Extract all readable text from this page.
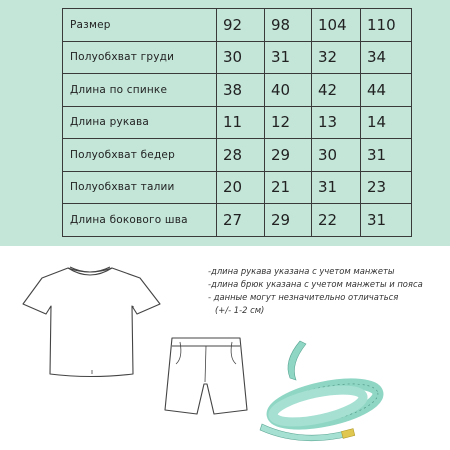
Размер	92	98	104	110
Полуобхват груди	30	31	32	34
Длина по спинке	38	40	42	44
Длина рукава	11	12	13	14
Полуобхват бедер	28	29	30	31
Полуобхват талии	20	21	31	23
Длина бокового шва	27	29	22	31
-длина рукава указана с учетом манжеты
-длина брюк указана с учетом манжеты и пояса
- данные могут незначительно отличаться
(+/- 1-2 см)
